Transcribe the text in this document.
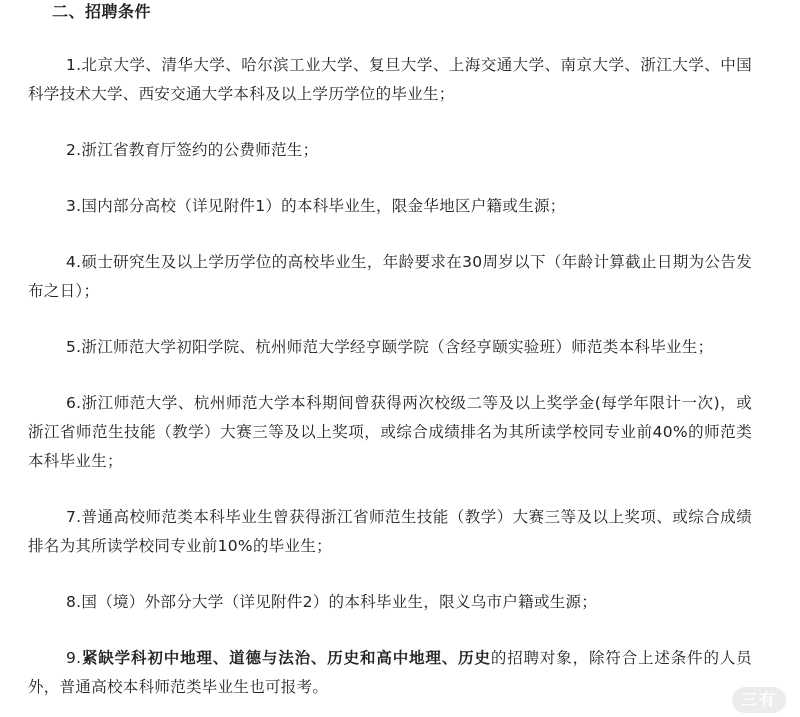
二、招聘条件

1.北京大学、清华大学、哈尔滨工业大学、复旦大学、上海交通大学、南京大学、浙江大学、中国科学技术大学、西安交通大学本科及以上学历学位的毕业生；

2.浙江省教育厅签约的公费师范生；

3.国内部分高校（详见附件1）的本科毕业生，限金华地区户籍或生源；

4.硕士研究生及以上学历学位的高校毕业生，年龄要求在30周岁以下（年龄计算截止日期为公告发布之日）；

5.浙江师范大学初阳学院、杭州师范大学经亨颐学院（含经亨颐实验班）师范类本科毕业生；

6.浙江师范大学、杭州师范大学本科期间曾获得两次校级二等及以上奖学金(每学年限计一次)，或浙江省师范生技能（教学）大赛三等及以上奖项，或综合成绩排名为其所读学校同专业前40%的师范类本科毕业生；

7.普通高校师范类本科毕业生曾获得浙江省师范生技能（教学）大赛三等及以上奖项、或综合成绩排名为其所读学校同专业前10%的毕业生；

8.国（境）外部分大学（详见附件2）的本科毕业生，限义乌市户籍或生源；

9.紧缺学科初中地理、道德与法治、历史和高中地理、历史的招聘对象，除符合上述条件的人员外，普通高校本科师范类毕业生也可报考。

三有
